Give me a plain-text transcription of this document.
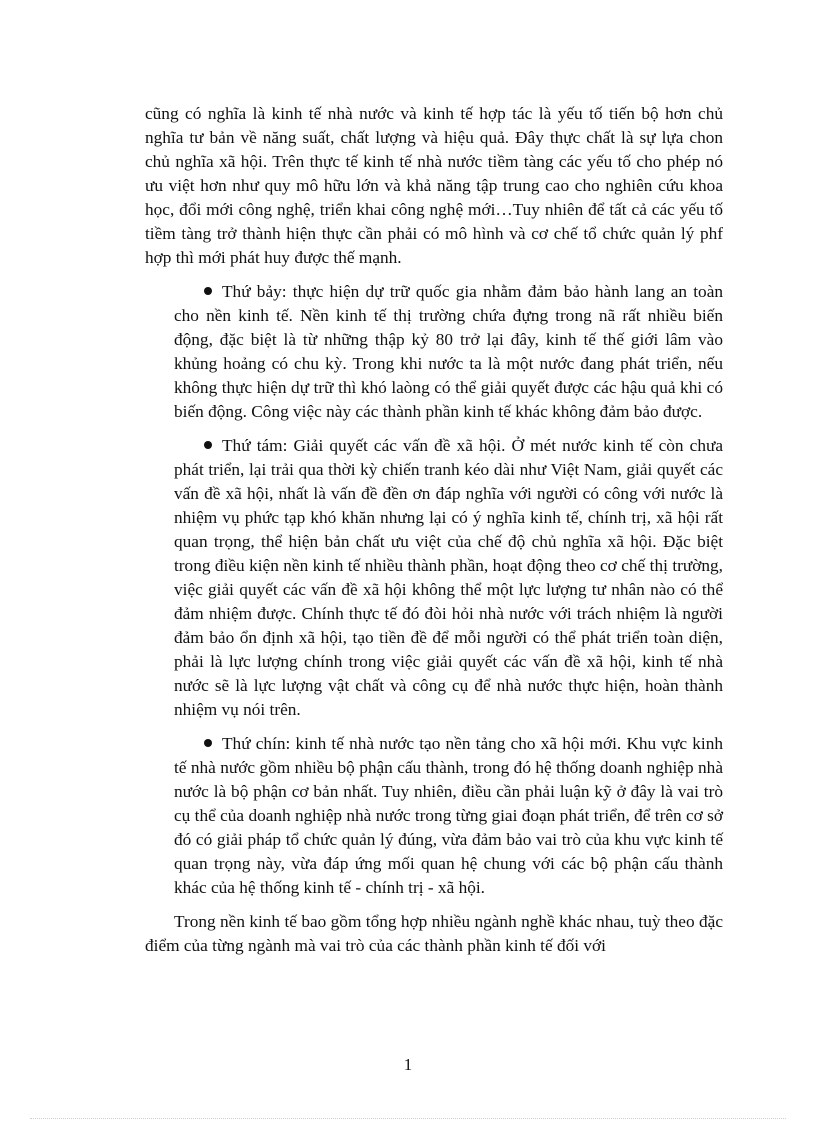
cũng có nghĩa là kinh tế nhà nước và kinh tế hợp tác là yếu tố tiến bộ hơn chủ nghĩa tư bản về năng suất, chất lượng và hiệu quả. Đây thực chất là sự lựa chon chủ nghĩa xã hội. Trên thực tế kinh tế nhà nước tiềm tàng các yếu tố cho phép nó ưu việt hơn như quy mô hữu lớn và khả năng tập trung cao cho nghiên cứu khoa học, đổi mới công nghệ, triển khai công nghệ mới…Tuy nhiên để tất cả các yếu tố tiềm tàng trở thành hiện thực cần phải có mô hình và cơ chế tổ chức quản lý phf hợp thì mới phát huy được thế mạnh.

Thứ bảy: thực hiện dự trữ quốc gia nhằm đảm bảo hành lang an toàn cho nền kinh tế. Nền kinh tế thị trường chứa đựng trong nã rất nhiều biến động, đặc biệt là từ những thập kỷ 80 trở lại đây, kinh tế thế giới lâm vào khủng hoảng có chu kỳ. Trong khi nước ta là một nước đang phát triển, nếu không thực hiện dự trữ thì khó laòng có thể giải quyết được các hậu quả khi có biến động. Công việc này các thành phần kinh tế khác không đảm bảo được.

Thứ tám: Giải quyết các vấn đề xã hội. Ở mét nước kinh tế còn chưa phát triển, lại trải qua thời kỳ chiến tranh kéo dài như Việt Nam, giải quyết các vấn đề xã hội, nhất là vấn đề đền ơn đáp nghĩa với người có công với nước là nhiệm vụ phức tạp khó khăn nhưng lại có ý nghĩa kinh tế, chính trị, xã hội rất quan trọng, thể hiện bản chất ưu việt của chế độ chủ nghĩa xã hội. Đặc biệt trong điều kiện nền kinh tế nhiều thành phần, hoạt động theo cơ chế thị trường, việc giải quyết các vấn đề xã hội không thể một lực lượng tư nhân nào có thể đảm nhiệm được. Chính thực tế đó đòi hỏi nhà nước với trách nhiệm là người đảm bảo ổn định xã hội, tạo tiền đề để mỗi người có thể phát triển toàn diện, phải là lực lượng chính trong việc giải quyết các vấn đề xã hội, kinh tế nhà nước sẽ là lực lượng vật chất và công cụ để nhà nước thực hiện, hoàn thành nhiệm vụ nói trên.

Thứ chín: kinh tế nhà nước tạo nền tảng cho xã hội mới. Khu vực kinh tế nhà nước gồm nhiều bộ phận cấu thành, trong đó hệ thống doanh nghiệp nhà nước là bộ phận cơ bản nhất. Tuy nhiên, điều cần phải luận kỹ ở đây là vai trò cụ thể của doanh nghiệp nhà nước trong từng giai đoạn phát triển, để trên cơ sở đó có giải pháp tổ chức quản lý đúng, vừa đảm bảo vai trò của khu vực kinh tế quan trọng này, vừa đáp ứng mối quan hệ chung với các bộ phận cấu thành khác của hệ thống kinh tế - chính trị - xã hội.

Trong nền kinh tế bao gồm tổng hợp nhiều ngành nghề khác nhau, tuỳ theo đặc điểm của từng ngành mà vai trò của các thành phần kinh tế đối với

1
